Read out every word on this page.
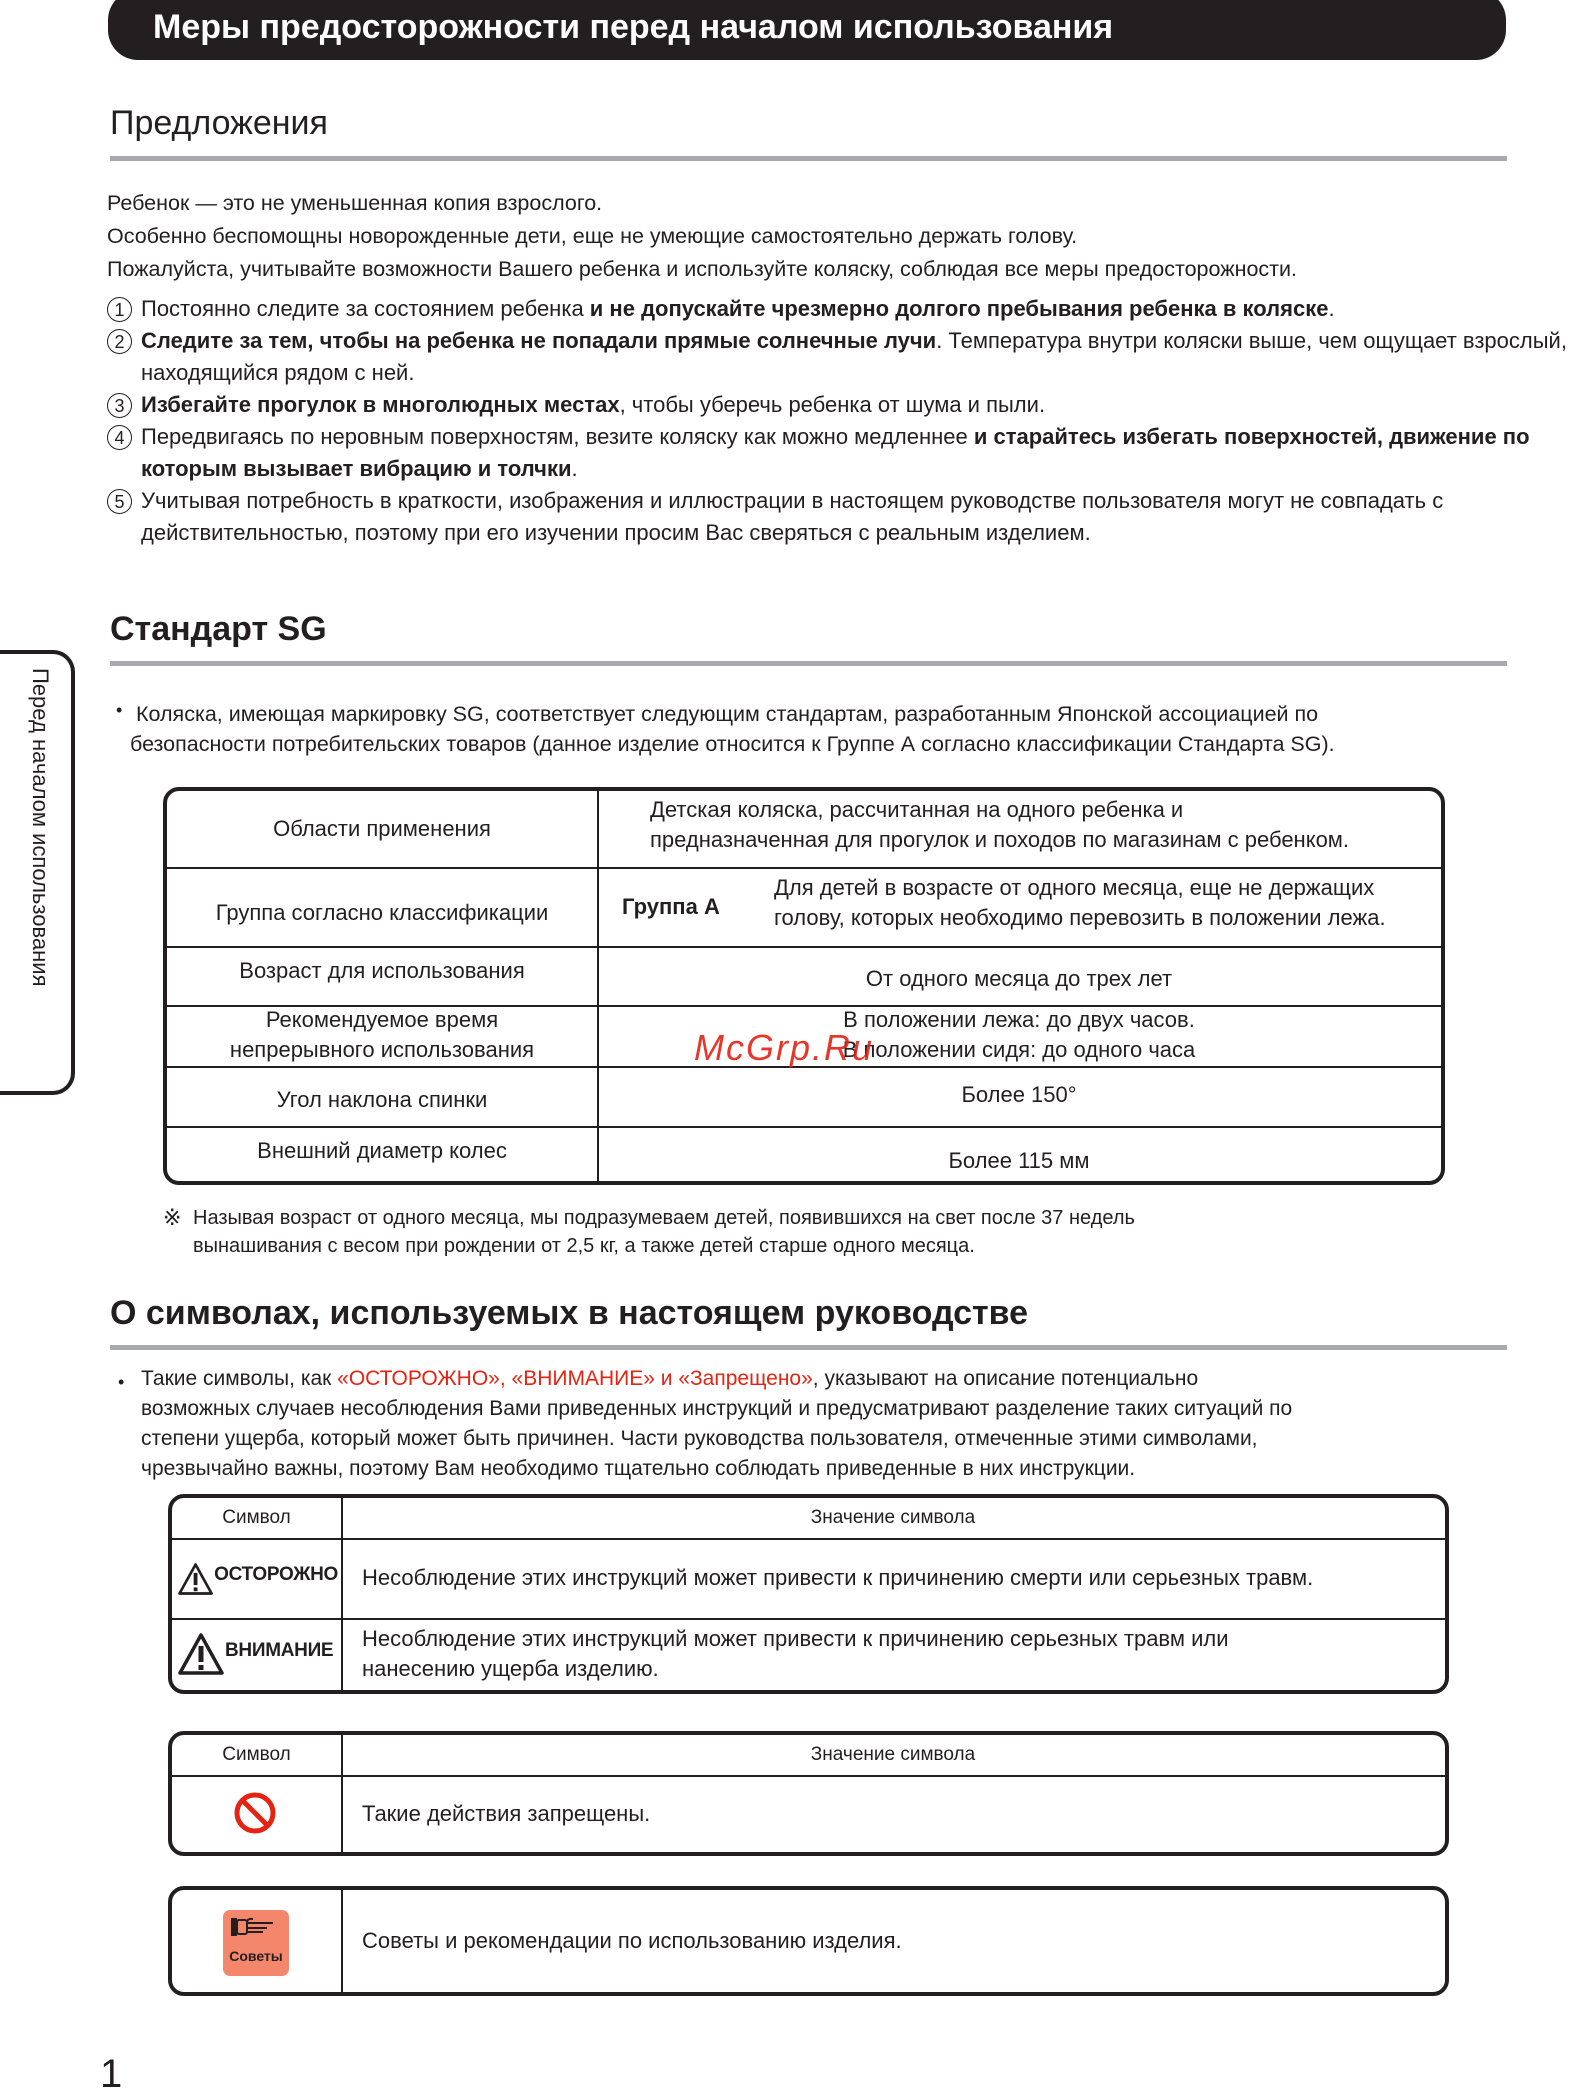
Меры предосторожности перед началом использования
Перед началом использования
Предложения
Ребенок — это не уменьшенная копия взрослого.
Особенно беспомощны новорожденные дети, еще не умеющие самостоятельно держать голову.
Пожалуйста, учитывайте возможности Вашего ребенка и используйте коляску, соблюдая все меры предосторожности.
1 Постоянно следите за состоянием ребенка и не допускайте чрезмерно долгого пребывания ребенка в коляске.
2 Следите за тем, чтобы на ребенка не попадали прямые солнечные лучи. Температура внутри коляски выше, чем ощущает взрослый, находящийся рядом с ней.
3 Избегайте прогулок в многолюдных местах, чтобы уберечь ребенка от шума и пыли.
4 Передвигаясь по неровным поверхностям, везите коляску как можно медленнее и старайтесь избегать поверхностей, движение по которым вызывает вибрацию и толчки.
5 Учитывая потребность в краткости, изображения и иллюстрации в настоящем руководстве пользователя могут не совпадать с действительностью, поэтому при его изучении просим Вас сверяться с реальным изделием.
Стандарт SG
• Коляска, имеющая маркировку SG, соответствует следующим стандартам, разработанным Японской ассоциацией по
безопасности потребительских товаров (данное изделие относится к Группе А согласно классификации Стандарта SG).
Области применения
Детская коляска, рассчитанная на одного ребенка и
предназначенная для прогулок и походов по магазинам с ребенком.
Группа согласно классификации	Группа A
Для детей в возрасте от одного месяца, еще не держащих
голову, которых необходимо перевозить в положении лежа.
Возраст для использования	От одного месяца до трех лет
Рекомендуемое время
непрерывного использования
В положении лежа: до двух часов.
В положении сидя: до одного часа
Угол наклона спинки	Более 150°
Внешний диаметр колес	Более 115 мм
※ Называя возраст от одного месяца, мы подразумеваем детей, появившихся на свет после 37 недель
вынашивания с весом при рождении от 2,5 кг, а также детей старше одного месяца.
McGrp.Ru
О символах, используемых в настоящем руководстве
• Такие символы, как «ОСТОРОЖНО», «ВНИМАНИЕ» и «Запрещено», указывают на описание потенциально
возможных случаев несоблюдения Вами приведенных инструкций и предусматривают разделение таких ситуаций по
степени ущерба, который может быть причинен. Части руководства пользователя, отмеченные этими символами,
чрезвычайно важны, поэтому Вам необходимо тщательно соблюдать приведенные в них инструкции.
Символ	Значение символа
ОСТОРОЖНО Несоблюдение этих инструкций может привести к причинению смерти или серьезных травм.
ВНИМАНИЕ Несоблюдение этих инструкций может привести к причинению серьезных травм или
нанесению ущерба изделию.
Символ	Значение символа
Такие действия запрещены.
Советы
Советы и рекомендации по использованию изделия.
1
